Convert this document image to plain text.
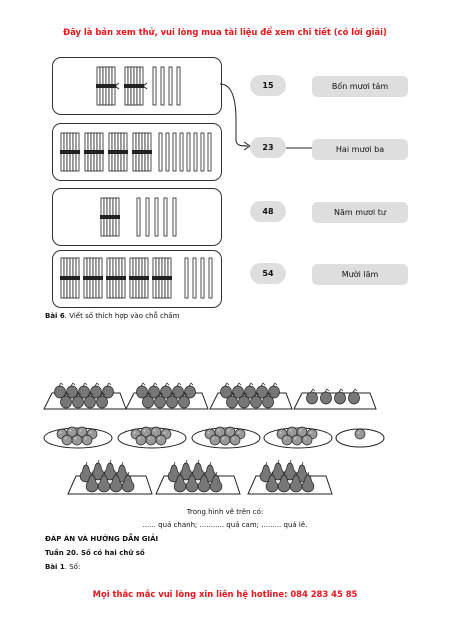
Đây là bản xem thử, vui lòng mua tài liệu để xem chi tiết (có lời giải)
15
23
48
54
Bốn mươi tám
Hai mươi ba
Năm mươi tư
Mười lăm
Bài 6. Viết số thích hợp vào chỗ chấm
Trong hình vẽ trên có:
...... quả chanh; ........... quả cam; ......... quả lê.
ĐÁP ÁN VÀ HƯỚNG DẪN GIẢI
Tuần 20. Số có hai chữ số
Bài 1. Số:
Mọi thắc mắc vui lòng xin liên hệ hotline: 084 283 45 85
